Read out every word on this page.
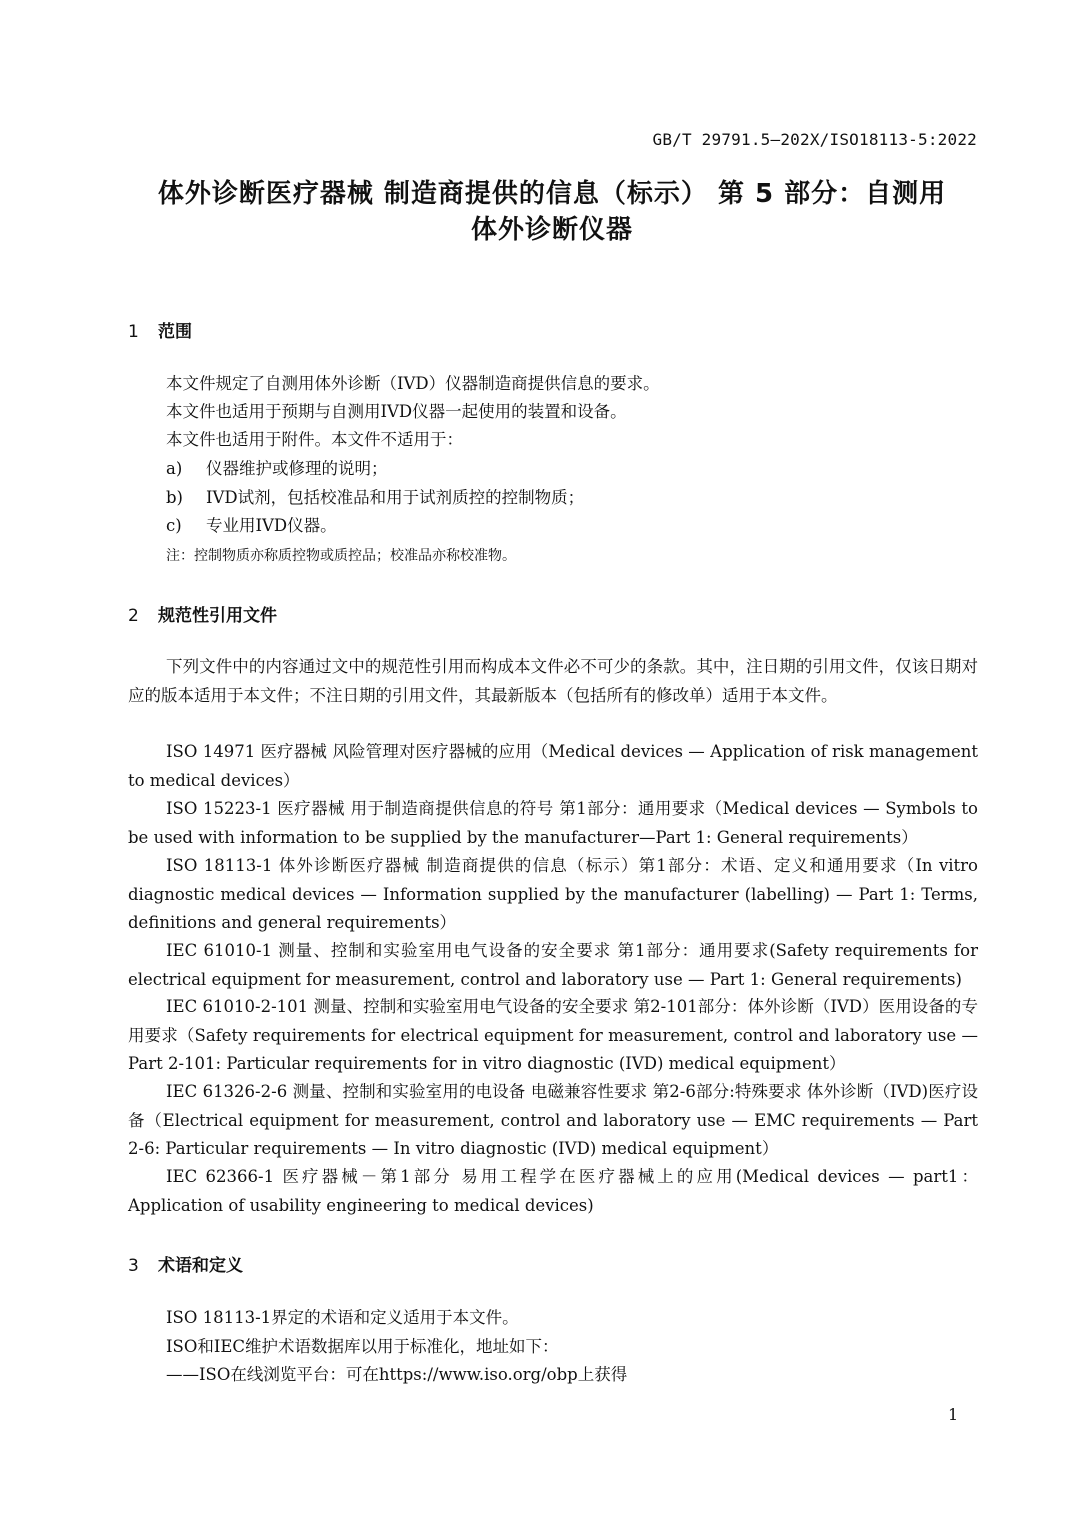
GB/T 29791.5—202X/ISO18113-5:2022
体外诊断医疗器械 制造商提供的信息（标示） 第 5 部分：自测用
体外诊断仪器
1 范围
本文件规定了自测用体外诊断（IVD）仪器制造商提供信息的要求。
本文件也适用于预期与自测用IVD仪器一起使用的装置和设备。
本文件也适用于附件。本文件不适用于：
a) 仪器维护或修理的说明；
b) IVD试剂，包括校准品和用于试剂质控的控制物质；
c) 专业用IVD仪器。
注：控制物质亦称质控物或质控品；校准品亦称校准物。
2 规范性引用文件
下列文件中的内容通过文中的规范性引用而构成本文件必不可少的条款。其中，注日期的引用文件，仅该日期对应的版本适用于本文件；不注日期的引用文件，其最新版本（包括所有的修改单）适用于本文件。
ISO 14971 医疗器械 风险管理对医疗器械的应用（Medical devices — Application of risk management to medical devices）
ISO 15223-1 医疗器械 用于制造商提供信息的符号 第1部分：通用要求（Medical devices — Symbols to be used with information to be supplied by the manufacturer—Part 1: General requirements）
ISO 18113-1 体外诊断医疗器械 制造商提供的信息（标示）第1部分：术语、定义和通用要求（In vitro diagnostic medical devices — Information supplied by the manufacturer (labelling) — Part 1: Terms, definitions and general requirements）
IEC 61010-1 测量、控制和实验室用电气设备的安全要求 第1部分：通用要求(Safety requirements for electrical equipment for measurement, control and laboratory use — Part 1: General requirements)
IEC 61010-2-101 测量、控制和实验室用电气设备的安全要求 第2-101部分：体外诊断（IVD）医用设备的专用要求（Safety requirements for electrical equipment for measurement, control and laboratory use — Part 2-101: Particular requirements for in vitro diagnostic (IVD) medical equipment）
IEC 61326-2-6 测量、控制和实验室用的电设备 电磁兼容性要求 第2-6部分:特殊要求 体外诊断（IVD)医疗设备（Electrical equipment for measurement, control and laboratory use — EMC requirements — Part 2-6: Particular requirements — In vitro diagnostic (IVD) medical equipment）
IEC 62366-1 医疗器械－第1部分 易用工程学在医疗器械上的应用(Medical devices — part1：Application of usability engineering to medical devices)
3 术语和定义
ISO 18113-1界定的术语和定义适用于本文件。
ISO和IEC维护术语数据库以用于标准化，地址如下：
——ISO在线浏览平台：可在https://www.iso.org/obp上获得
1
